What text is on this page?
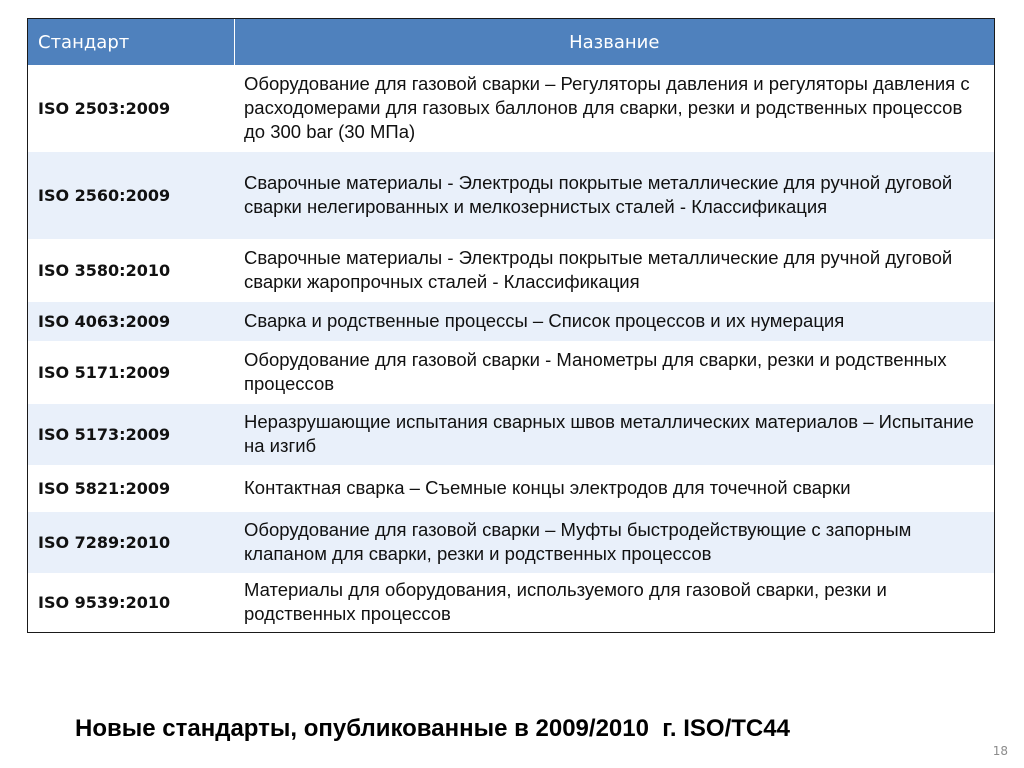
Стандарт	Название
ISO 2503:2009	Оборудование для газовой сварки – Регуляторы давления и регуляторы давления с расходомерами для газовых баллонов для сварки, резки и родственных процессов до 300 bar (30 МПа)
ISO 2560:2009	Сварочные материалы - Электроды покрытые металлические для ручной дуговой сварки нелегированных и мелкозернистых сталей - Классификация
ISO 3580:2010	Сварочные материалы - Электроды покрытые металлические для ручной дуговой сварки жаропрочных сталей - Классификация
ISO 4063:2009	Сварка и родственные процессы – Список процессов и их нумерация
ISO 5171:2009	Оборудование для газовой сварки - Манометры для сварки, резки и родственных процессов
ISO 5173:2009	Неразрушающие испытания сварных швов металлических материалов – Испытание на изгиб
ISO 5821:2009	Контактная сварка – Съемные концы электродов для точечной сварки
ISO 7289:2010	Оборудование для газовой сварки – Муфты быстродействующие с запорным клапаном для сварки, резки и родственных процессов
ISO 9539:2010	Материалы для оборудования, используемого для газовой сварки, резки и родственных процессов
Новые стандарты, опубликованные в 2009/2010  г. ISO/TC44
18
